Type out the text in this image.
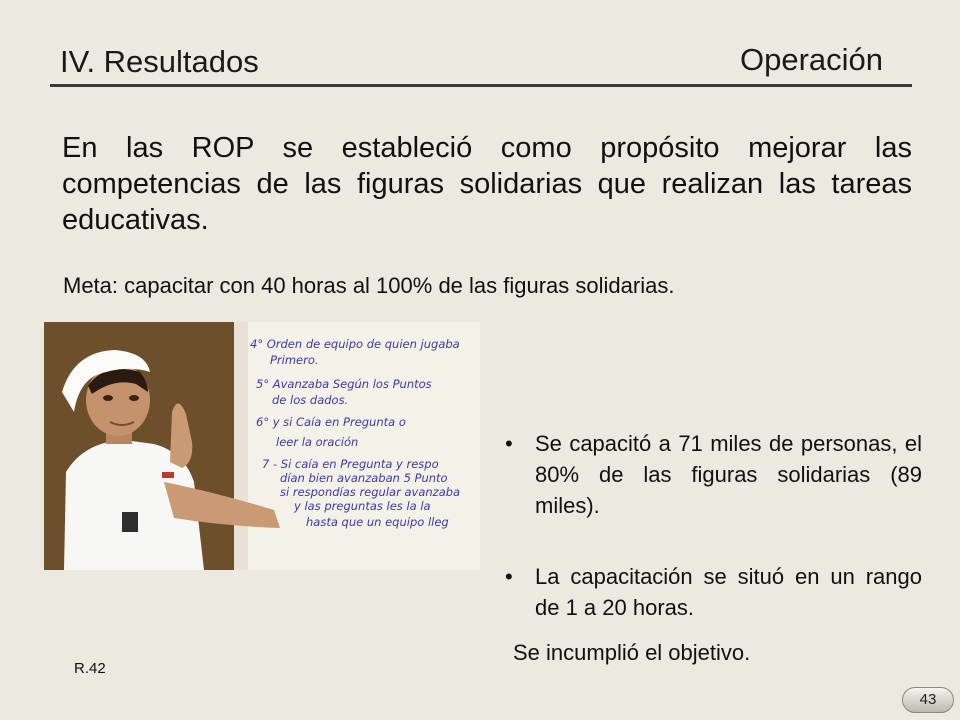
IV. Resultados	Operación
En las ROP se estableció como propósito mejorar las competencias de las figuras solidarias que realizan las tareas educativas.
Meta: capacitar con 40 horas al 100% de las figuras solidarias.
4° Orden de equipo de quien jugaba
Primero.
5° Avanzaba Según los Puntos
de los dados.
6° y si Caía en Pregunta o
leer la oración
7 - Si caía en Pregunta y respo
dían bien avanzaban 5 Punto
si respondías regular avanzaba
y las preguntas les la la
hasta que un equipo lleg
• Se capacitó a 71 miles de personas, el 80% de las figuras solidarias (89 miles).
• La capacitación se situó en un rango de 1 a 20 horas.
Se incumplió el objetivo.
R.42
43
